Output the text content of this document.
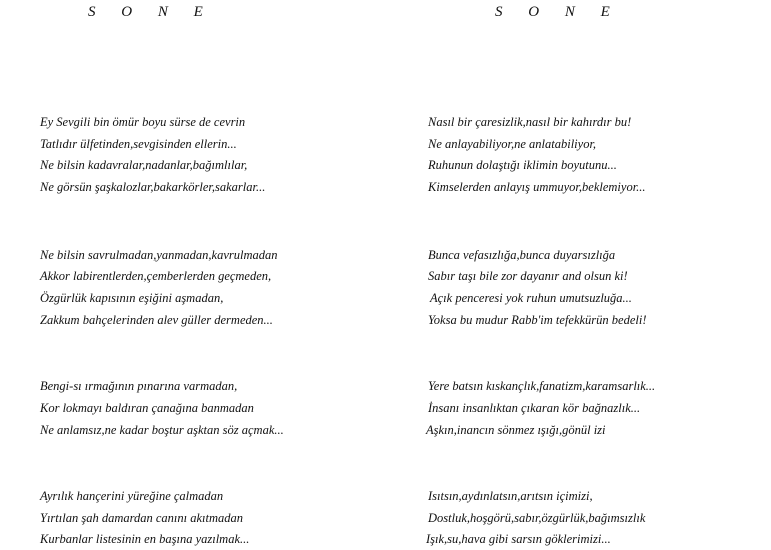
S O N E	S O N E
Ey Sevgili bin ömür boyu sürse de cevrin
Tatlıdır ülfetinden,sevgisinden ellerin...
Ne bilsin kadavralar,nadanlar,bağımlılar,
Ne görsün şaşkalozlar,bakarkörler,sakarlar...
Ne bilsin savrulmadan,yanmadan,kavrulmadan
Akkor labirentlerden,çemberlerden geçmeden,
Özgürlük kapısının eşiğini aşmadan,
Zakkum bahçelerinden alev güller dermeden...
Bengi-sı ırmağının pınarına varmadan,
Kor lokmayı baldıran çanağına banmadan
Ne anlamsız,ne kadar boştur aşktan söz açmak...
Ayrılık hançerini yüreğine çalmadan
Yırtılan şah damardan canını akıtmadan
Kurbanlar listesinin en başına yazılmak...
Nasıl bir çaresizlik,nasıl bir kahırdır bu!
Ne anlayabiliyor,ne anlatabiliyor,
Ruhunun dolaştığı iklimin boyutunu...
Kimselerden anlayış ummuyor,beklemiyor...
Bunca vefasızlığa,bunca duyarsızlığa
Sabır taşı bile zor dayanır and olsun ki!
Açık penceresi yok ruhun umutsuzluğa...
Yoksa bu mudur Rabb'im tefekkürün bedeli!
Yere batsın kıskançlık,fanatizm,karamsarlık...
İnsanı insanlıktan çıkaran kör bağnazlık...
Aşkın,inancın sönmez ışığı,gönül izi
Isıtsın,aydınlatsın,arıtsın içimizi,
Dostluk,hoşgörü,sabır,özgürlük,bağımsızlık
Işık,su,hava gibi sarsın göklerimizi...
